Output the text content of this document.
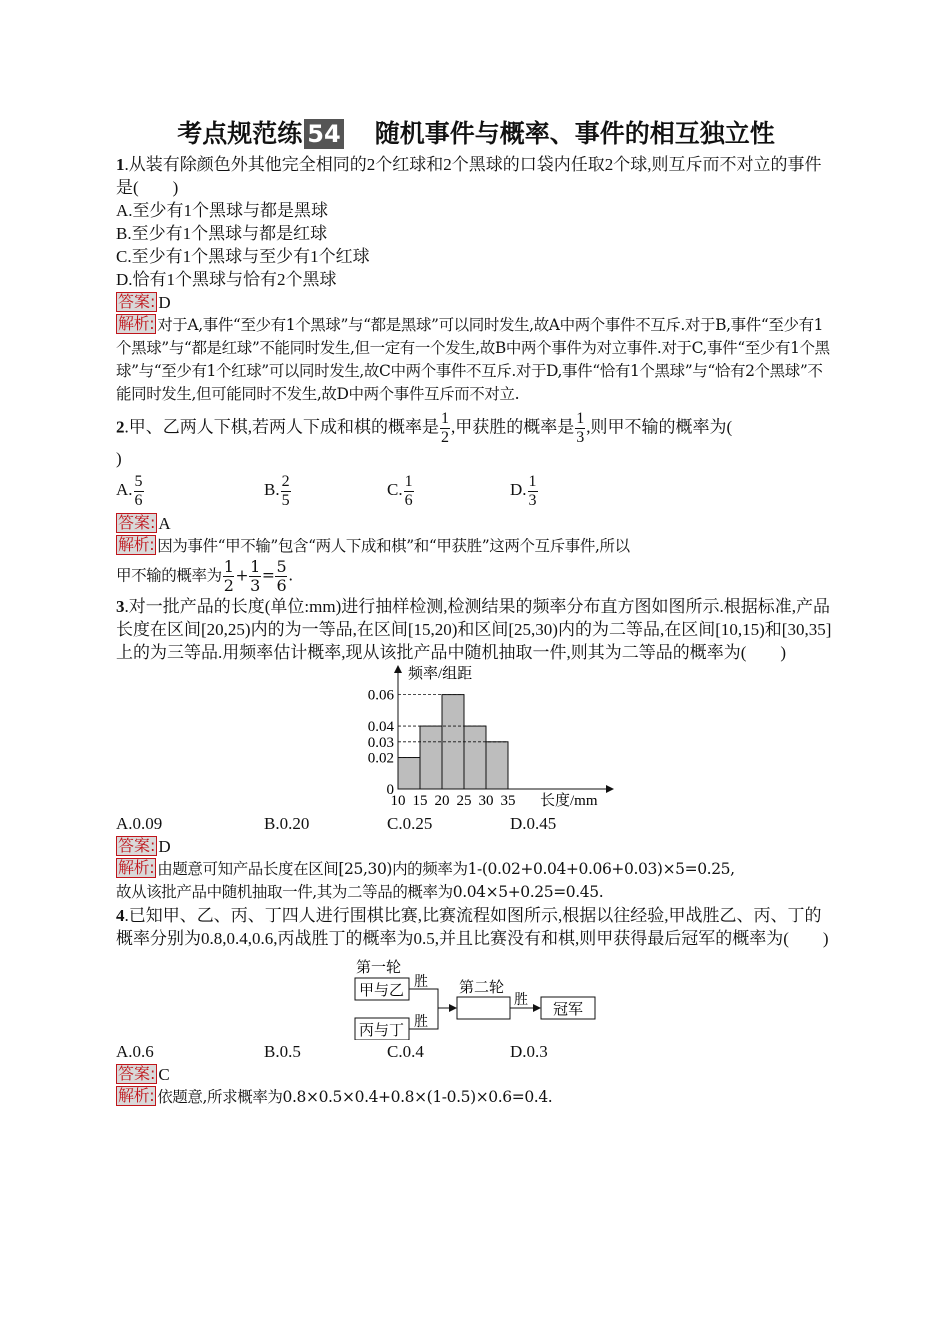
考点规范练 54　 随机事件与概率、事件的相互独立性

1.从装有除颜色外其他完全相同的2个红球和2个黑球的口袋内任取2个球,则互斥而不对立的事件是(　　)

A.至少有1个黑球与都是黑球

B.至少有1个黑球与都是红球

C.至少有1个黑球与至少有1个红球

D.恰有1个黑球与恰有2个黑球

答案: D

解析: 对于A,事件“至少有1个黑球”与“都是黑球”可以同时发生,故A中两个事件不互斥.对于B,事件“至少有1个黑球”与“都是红球”不能同时发生,但一定有一个发生,故B中两个事件为对立事件.对于C,事件“至少有1个黑球”与“至少有1个红球”可以同时发生,故C中两个事件不互斥.对于D,事件“恰有1个黑球”与“恰有2个黑球”不能同时发生,但可能同时不发生,故D中两个事件互斥而不对立.

2.甲、乙两人下棋,若两人下成和棋的概率是 $\frac{1}{2}$ ,甲获胜的概率是 $\frac{1}{3}$ ,则甲不输的概率为(

)

A. $\frac{5}{6}$	B. $\frac{2}{5}$	C. $\frac{1}{6}$	D. $\frac{1}{3}$

答案: A

解析: 因为事件“甲不输”包含“两人下成和棋”和“甲获胜”这两个互斥事件,所以

甲不输的概率为 $\frac{1}{2} + \frac{1}{3} = \frac{5}{6}$ .

3.对一批产品的长度(单位:mm)进行抽样检测,检测结果的频率分布直方图如图所示.根据标准,产品长度在区间[20,25)内的为一等品,在区间[15,20)和区间[25,30)内的为二等品,在区间[10,15)和[30,35]上的为三等品.用频率估计概率,现从该批产品中随机抽取一件,则其为二等品的概率为(　　)

0
0.02
0.03
0.04
0.06
10 15 20 25 30 35
频率/组距
长度/mm
A.0.09	B.0.20	C.0.25	D.0.45

答案: D

解析: 由题意可知产品长度在区间[25,30)内的频率为1-(0.02+0.04+0.06+0.03)×5=0.25,

故从该批产品中随机抽取一件,其为二等品的概率为0.04×5+0.25=0.45.

4.已知甲、乙、丙、丁四人进行围棋比赛,比赛流程如图所示,根据以往经验,甲战胜乙、丙、丁的概率分别为0.8,0.4,0.6,丙战胜丁的概率为0.5,并且比赛没有和棋,则甲获得最后冠军的概率为(　　)

第一轮
甲与乙
丙与丁
胜
胜
第二轮
胜
冠军
A.0.6	B.0.5	C.0.4	D.0.3

答案: C

解析: 依题意,所求概率为0.8×0.5×0.4+0.8×(1-0.5)×0.6=0.4.
